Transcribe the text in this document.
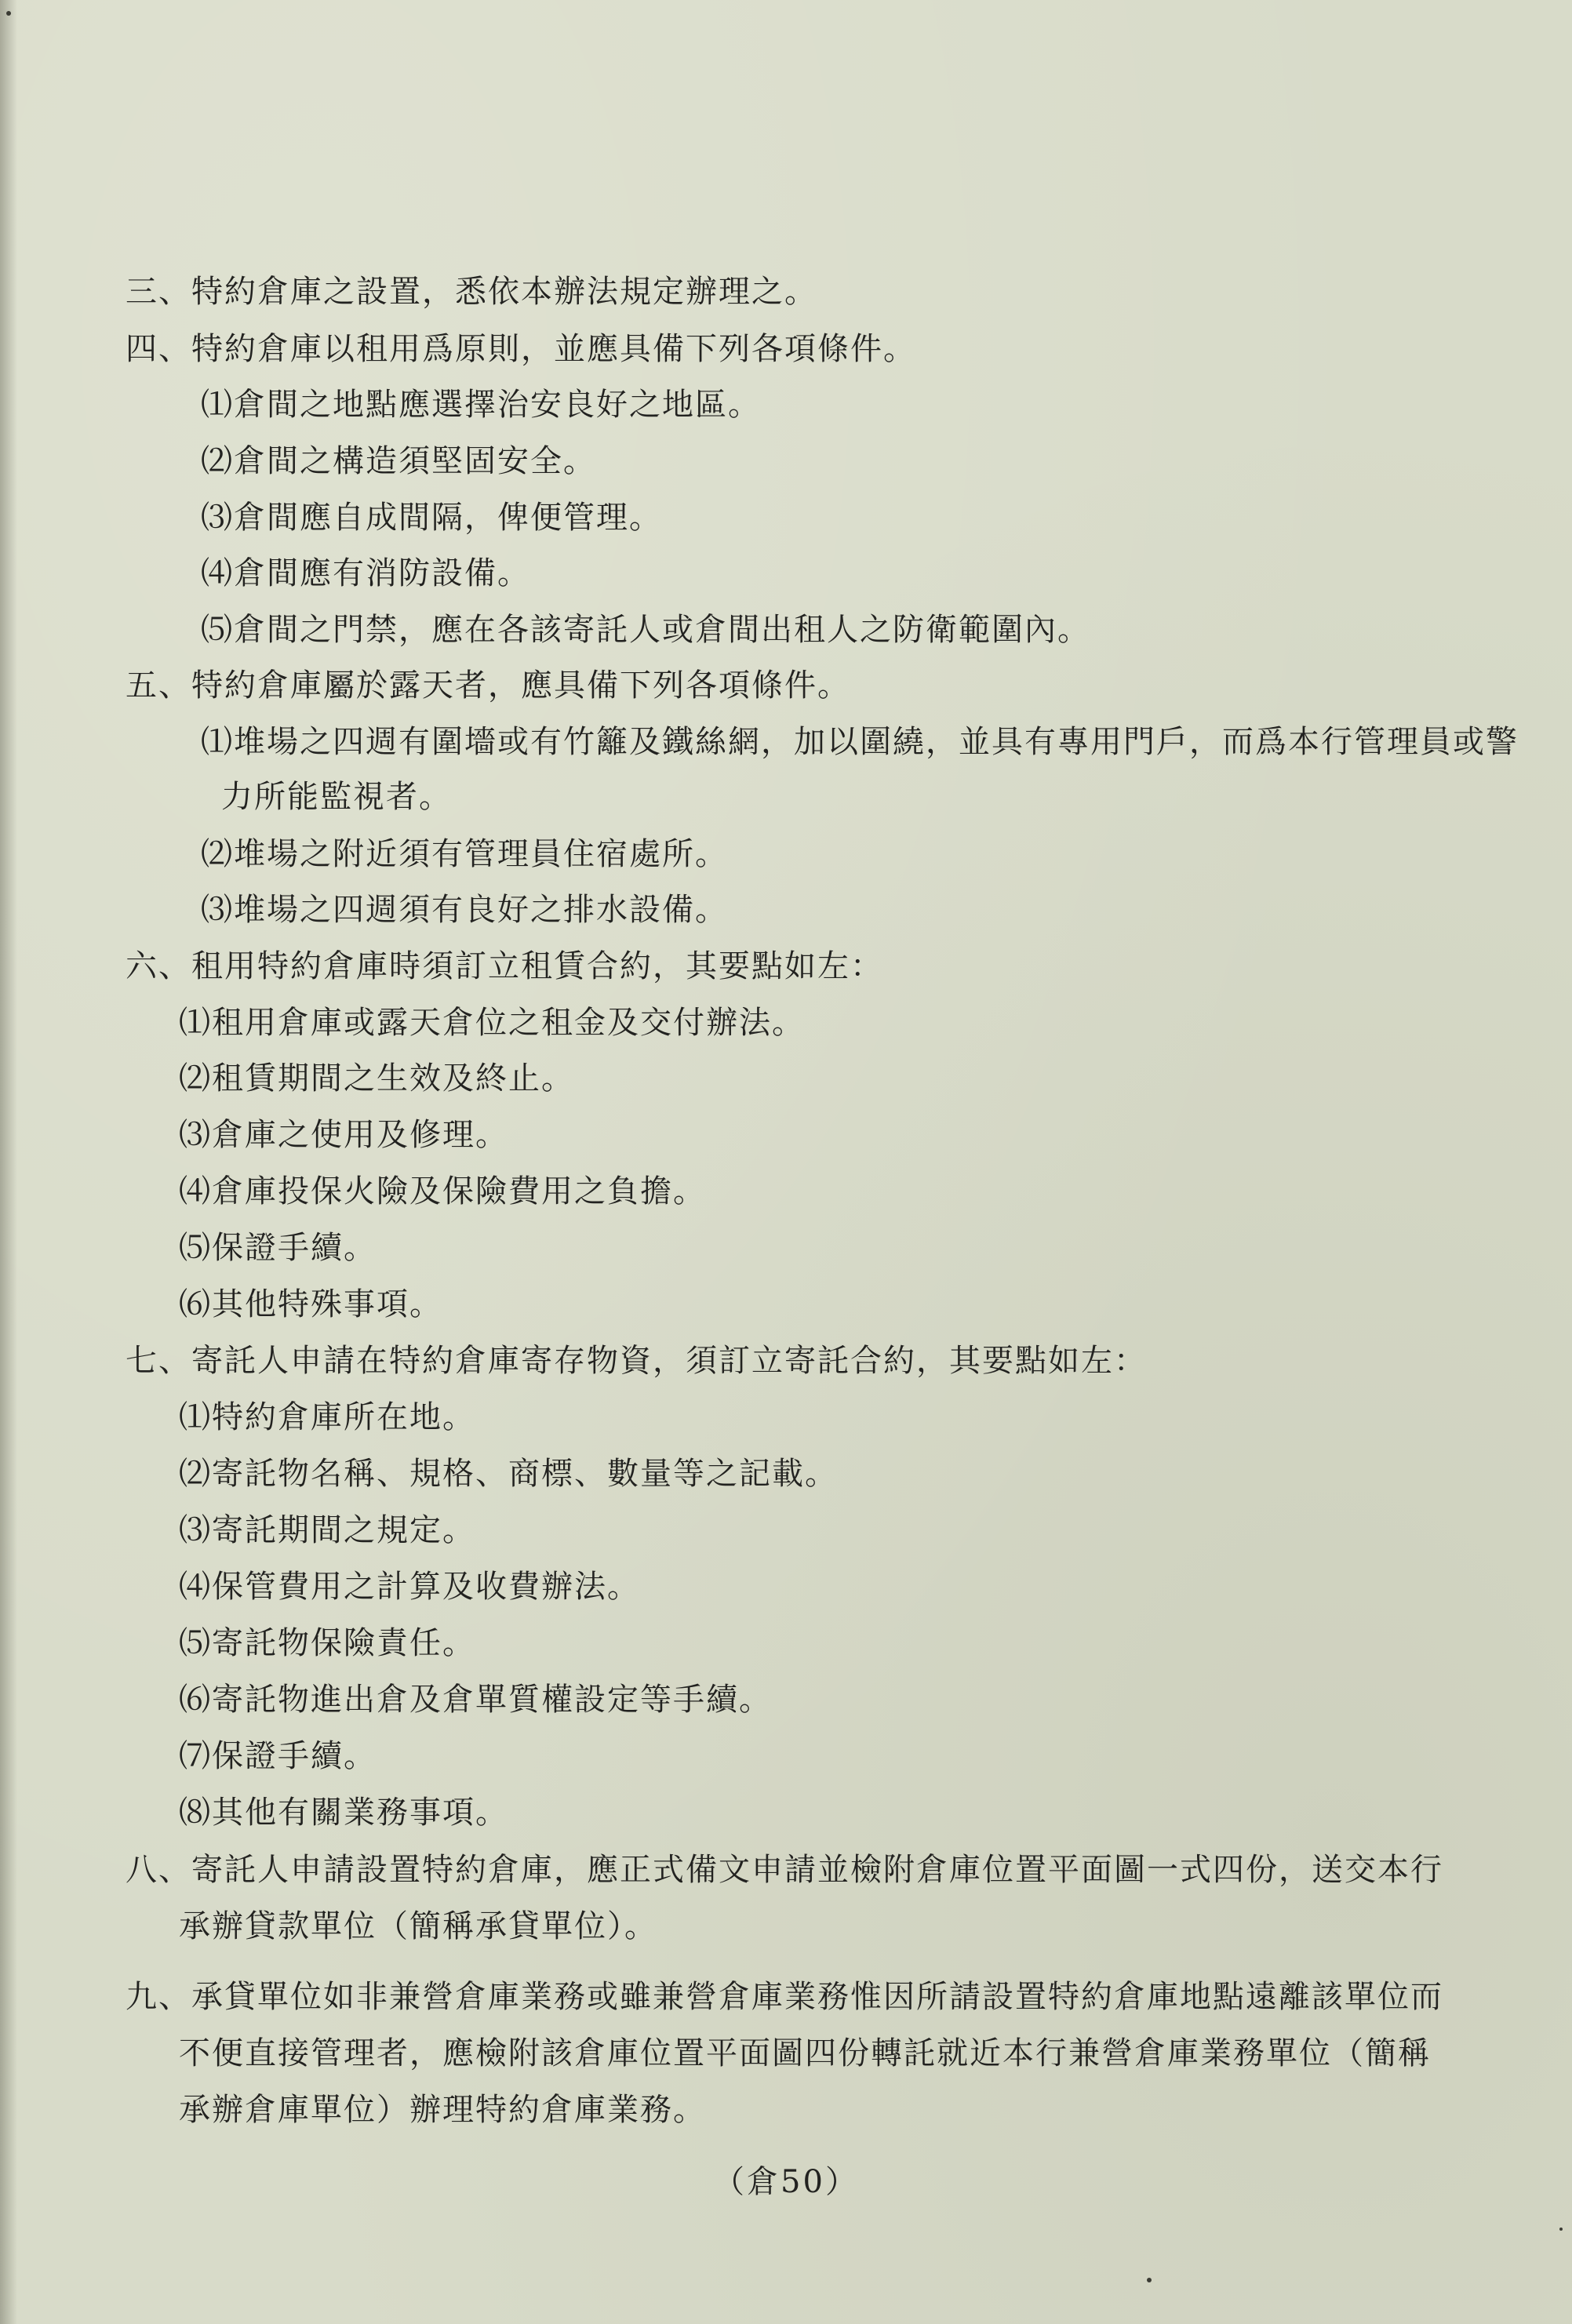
三、特約倉庫之設置，悉依本辦法規定辦理之。
四、特約倉庫以租用爲原則，並應具備下列各項條件。
⑴倉間之地點應選擇治安良好之地區。
⑵倉間之構造須堅固安全。
⑶倉間應自成間隔，俾便管理。
⑷倉間應有消防設備。
⑸倉間之門禁，應在各該寄託人或倉間出租人之防衛範圍內。
五、特約倉庫屬於露天者，應具備下列各項條件。
⑴堆場之四週有圍墻或有竹籬及鐵絲網，加以圍繞，並具有專用門戶，而爲本行管理員或警
力所能監視者。
⑵堆場之附近須有管理員住宿處所。
⑶堆場之四週須有良好之排水設備。
六、租用特約倉庫時須訂立租賃合約，其要點如左：
⑴租用倉庫或露天倉位之租金及交付辦法。
⑵租賃期間之生效及終止。
⑶倉庫之使用及修理。
⑷倉庫投保火險及保險費用之負擔。
⑸保證手續。
⑹其他特殊事項。
七、寄託人申請在特約倉庫寄存物資，須訂立寄託合約，其要點如左：
⑴特約倉庫所在地。
⑵寄託物名稱、規格、商標、數量等之記載。
⑶寄託期間之規定。
⑷保管費用之計算及收費辦法。
⑸寄託物保險責任。
⑹寄託物進出倉及倉單質權設定等手續。
⑺保證手續。
⑻其他有關業務事項。
八、寄託人申請設置特約倉庫，應正式備文申請並檢附倉庫位置平面圖一式四份，送交本行
承辦貸款單位（簡稱承貸單位）。
九、承貸單位如非兼營倉庫業務或雖兼營倉庫業務惟因所請設置特約倉庫地點遠離該單位而
不便直接管理者，應檢附該倉庫位置平面圖四份轉託就近本行兼營倉庫業務單位（簡稱
承辦倉庫單位）辦理特約倉庫業務。
（倉50）
